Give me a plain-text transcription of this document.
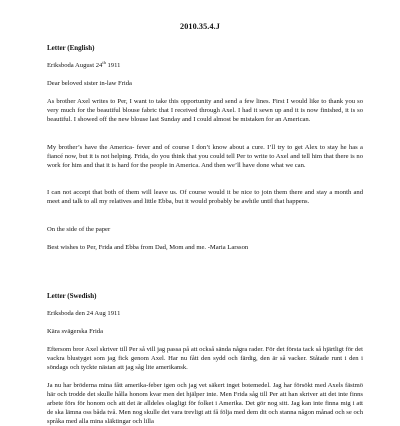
2010.35.4.J
Letter (English)
Eriksboda August 24th 1911
Dear beloved sister in-law Frida

As brother Axel writes to Per, I want to take this opportunity and send a few lines. First I would like to thank you so very much for the beautiful blouse fabric that I received through Axel. I had it sewn up and it is now finished, it is so beautiful. I showed off the new blouse last Sunday and I could almost be mistaken for an American.

My brother’s have the America- fever and of course I don’t know about a cure. I’ll try to get Alex to stay he has a fiancé now, but it is not helping. Frida, do you think that you could tell Per to write to Axel and tell him that there is no work for him and that it is hard for the people in America. And then we’ll have done what we can.

I can not accept that both of them will leave us. Of course would it be nice to join them there and stay a month and meet and talk to all my relatives and little Ebba, but it would probably be awhile until that happens.

On the side of the paper

Best wishes to Per, Frida and Ebba from Dad, Mom and me. -Maria Larsson

Letter (Swedish)
Eriksboda den 24 Aug 1911
Kära svägerska Frida

Eftersom bror Axel skriver till Per så vill jag passa på att också sända några rader. För det första tack så hjärtligt för det vackra blustyget som jag fick genom Axel. Har nu fått den sydd och färdig, den är så vacker. Ståtade runt i den i söndags och tyckte nästan att jag såg lite amerikansk.

Ja nu har bröderna mina fått amerika-feber igen och jag vet säkert inget botemedel. Jag har försökt med Axels fästmö här och trodde det skulle hålla honom kvar men det hjälper inte. Men Frida såg till Per att han skriver att det inte finns arbete förs för honom och att det är alldeles olagligt för folket i Amerika. Det gör nog sitt. Jag kan inte finna mig i att de ska lämna oss båda två. Men nog skulle det vara trevligt att få följa med dem dit och stanna någon månad och se och språka med alla mina släktingar och lilla
